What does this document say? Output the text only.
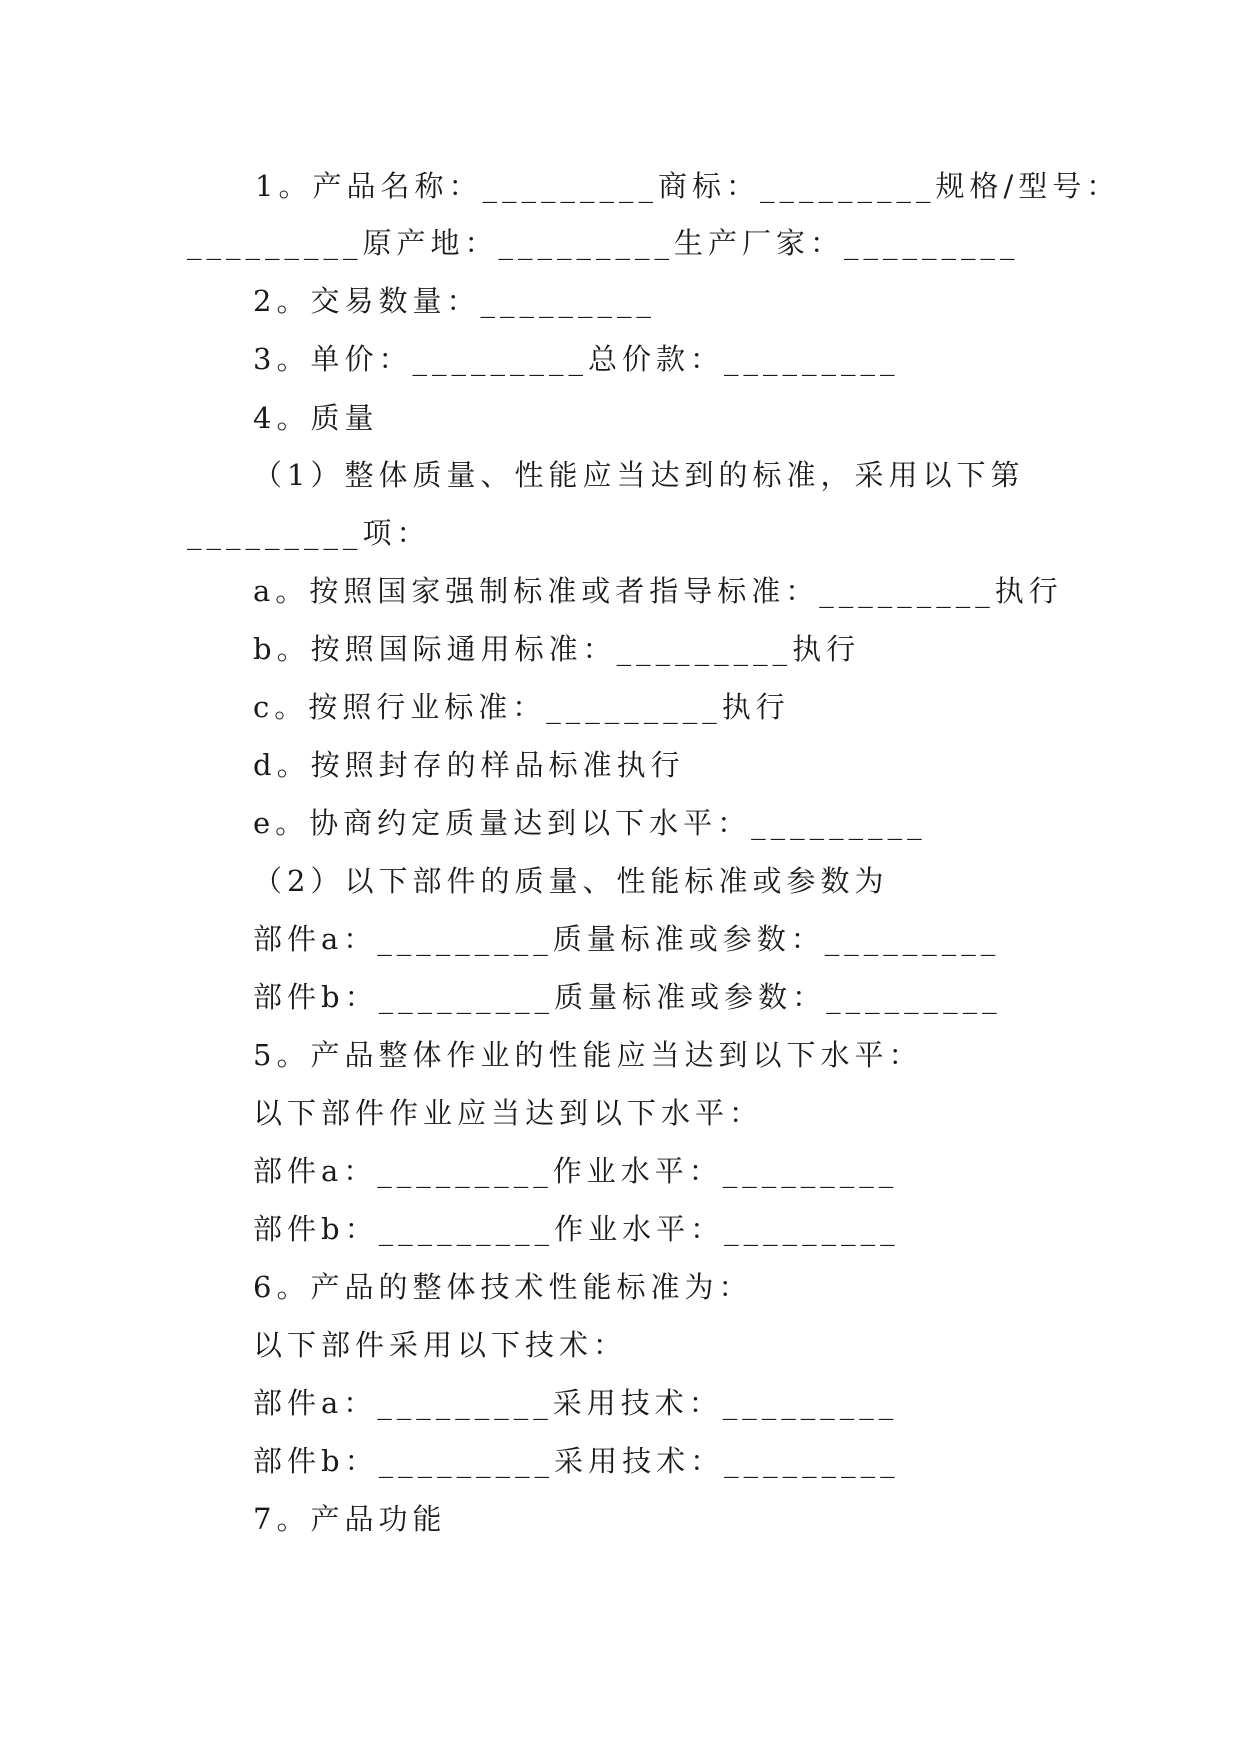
1。产品名称：_________商标：_________规格/型号：
_________原产地：_________生产厂家：_________
2。交易数量：_________
3。单价：_________总价款：_________
4。质量
（1）整体质量、性能应当达到的标准，采用以下第
_________项：
a。按照国家强制标准或者指导标准：_________执行
b。按照国际通用标准：_________执行
c。按照行业标准：_________执行
d。按照封存的样品标准执行
e。协商约定质量达到以下水平：_________
（2）以下部件的质量、性能标准或参数为
部件a：_________质量标准或参数：_________
部件b：_________质量标准或参数：_________
5。产品整体作业的性能应当达到以下水平：
以下部件作业应当达到以下水平：
部件a：_________作业水平：_________
部件b：_________作业水平：_________
6。产品的整体技术性能标准为：
以下部件采用以下技术：
部件a：_________采用技术：_________
部件b：_________采用技术：_________
7。产品功能
